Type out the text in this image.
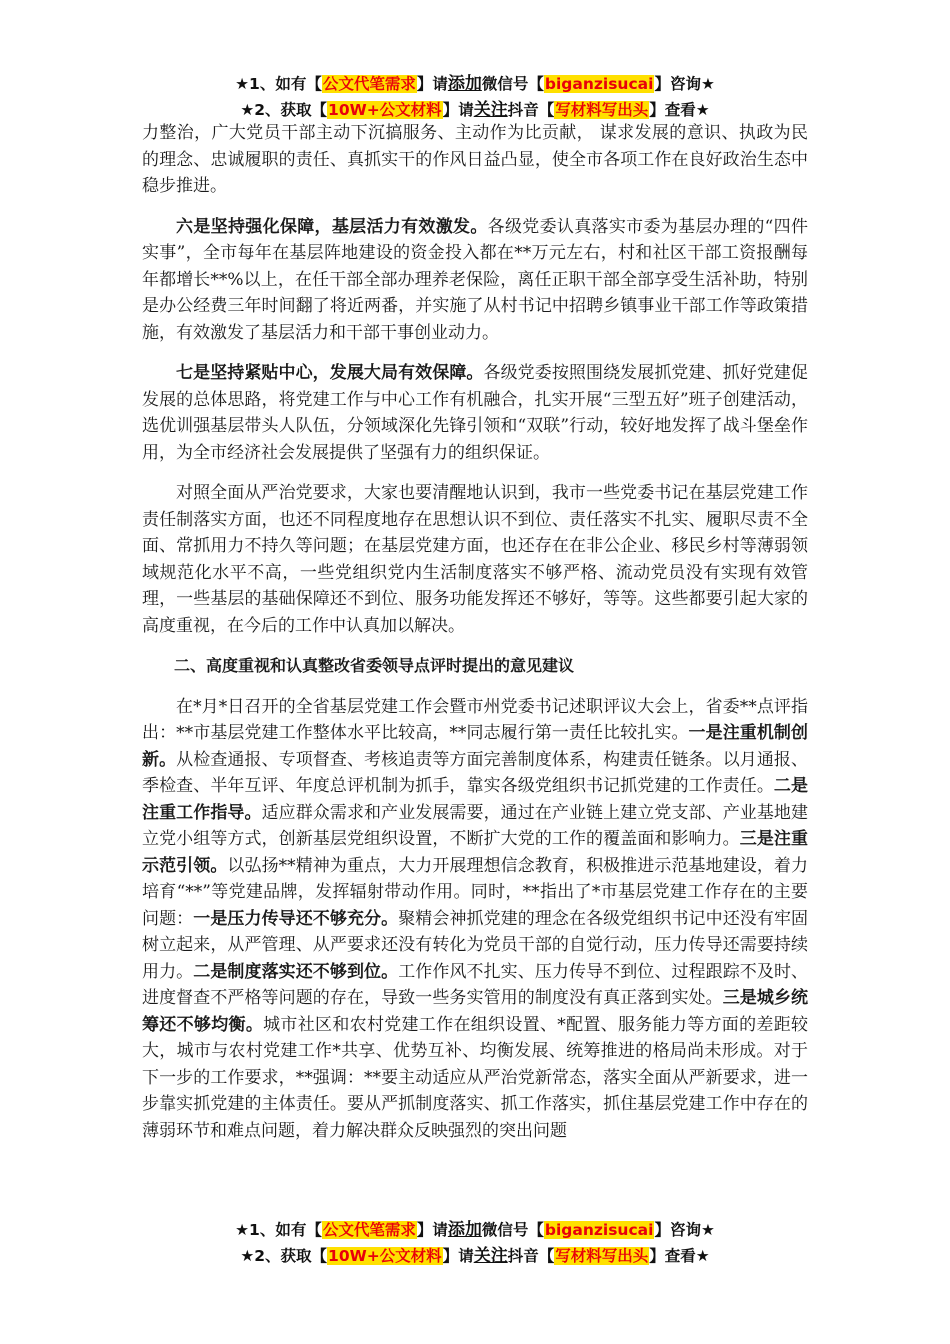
★1、如有【公文代笔需求】请添加微信号【biganzisucai】咨询★
★2、获取【10W+公文材料】请关注抖音【写材料写出头】查看★

力整治，广大党员干部主动下沉搞服务、主动作为比贡献， 谋求发展的意识、执政为民的理念、忠诚履职的责任、真抓实干的作风日益凸显，使全市各项工作在良好政治生态中稳步推进。

六是坚持强化保障，基层活力有效激发。各级党委认真落实市委为基层办理的“四件实事”，全市每年在基层阵地建设的资金投入都在**万元左右，村和社区干部工资报酬每年都增长**%以上，在任干部全部办理养老保险，离任正职干部全部享受生活补助，特别是办公经费三年时间翻了将近两番，并实施了从村书记中招聘乡镇事业干部工作等政策措施，有效激发了基层活力和干部干事创业动力。

七是坚持紧贴中心，发展大局有效保障。各级党委按照围绕发展抓党建、抓好党建促发展的总体思路，将党建工作与中心工作有机融合，扎实开展“三型五好”班子创建活动，选优训强基层带头人队伍，分领域深化先锋引领和“双联”行动，较好地发挥了战斗堡垒作用，为全市经济社会发展提供了坚强有力的组织保证。

对照全面从严治党要求，大家也要清醒地认识到，我市一些党委书记在基层党建工作责任制落实方面，也还不同程度地存在思想认识不到位、责任落实不扎实、履职尽责不全面、常抓用力不持久等问题；在基层党建方面，也还存在在非公企业、移民乡村等薄弱领域规范化水平不高，一些党组织党内生活制度落实不够严格、流动党员没有实现有效管理，一些基层的基础保障还不到位、服务功能发挥还不够好，等等。这些都要引起大家的高度重视，在今后的工作中认真加以解决。

二、高度重视和认真整改省委领导点评时提出的意见建议

在*月*日召开的全省基层党建工作会暨市州党委书记述职评议大会上，省委**点评指出：**市基层党建工作整体水平比较高，**同志履行第一责任比较扎实。一是注重机制创新。从检查通报、专项督查、考核追责等方面完善制度体系，构建责任链条。以月通报、季检查、半年互评、年度总评机制为抓手，靠实各级党组织书记抓党建的工作责任。二是注重工作指导。适应群众需求和产业发展需要，通过在产业链上建立党支部、产业基地建立党小组等方式，创新基层党组织设置，不断扩大党的工作的覆盖面和影响力。三是注重示范引领。以弘扬**精神为重点，大力开展理想信念教育，积极推进示范基地建设，着力培育“**”等党建品牌，发挥辐射带动作用。同时，**指出了*市基层党建工作存在的主要问题：一是压力传导还不够充分。聚精会神抓党建的理念在各级党组织书记中还没有牢固树立起来，从严管理、从严要求还没有转化为党员干部的自觉行动，压力传导还需要持续用力。二是制度落实还不够到位。工作作风不扎实、压力传导不到位、过程跟踪不及时、进度督查不严格等问题的存在，导致一些务实管用的制度没有真正落到实处。三是城乡统筹还不够均衡。城市社区和农村党建工作在组织设置、*配置、服务能力等方面的差距较大，城市与农村党建工作*共享、优势互补、均衡发展、统筹推进的格局尚未形成。对于下一步的工作要求，**强调：**要主动适应从严治党新常态，落实全面从严新要求，进一步靠实抓党建的主体责任。要从严抓制度落实、抓工作落实，抓住基层党建工作中存在的薄弱环节和难点问题，着力解决群众反映强烈的突出问题

★1、如有【公文代笔需求】请添加微信号【biganzisucai】咨询★
★2、获取【10W+公文材料】请关注抖音【写材料写出头】查看★
